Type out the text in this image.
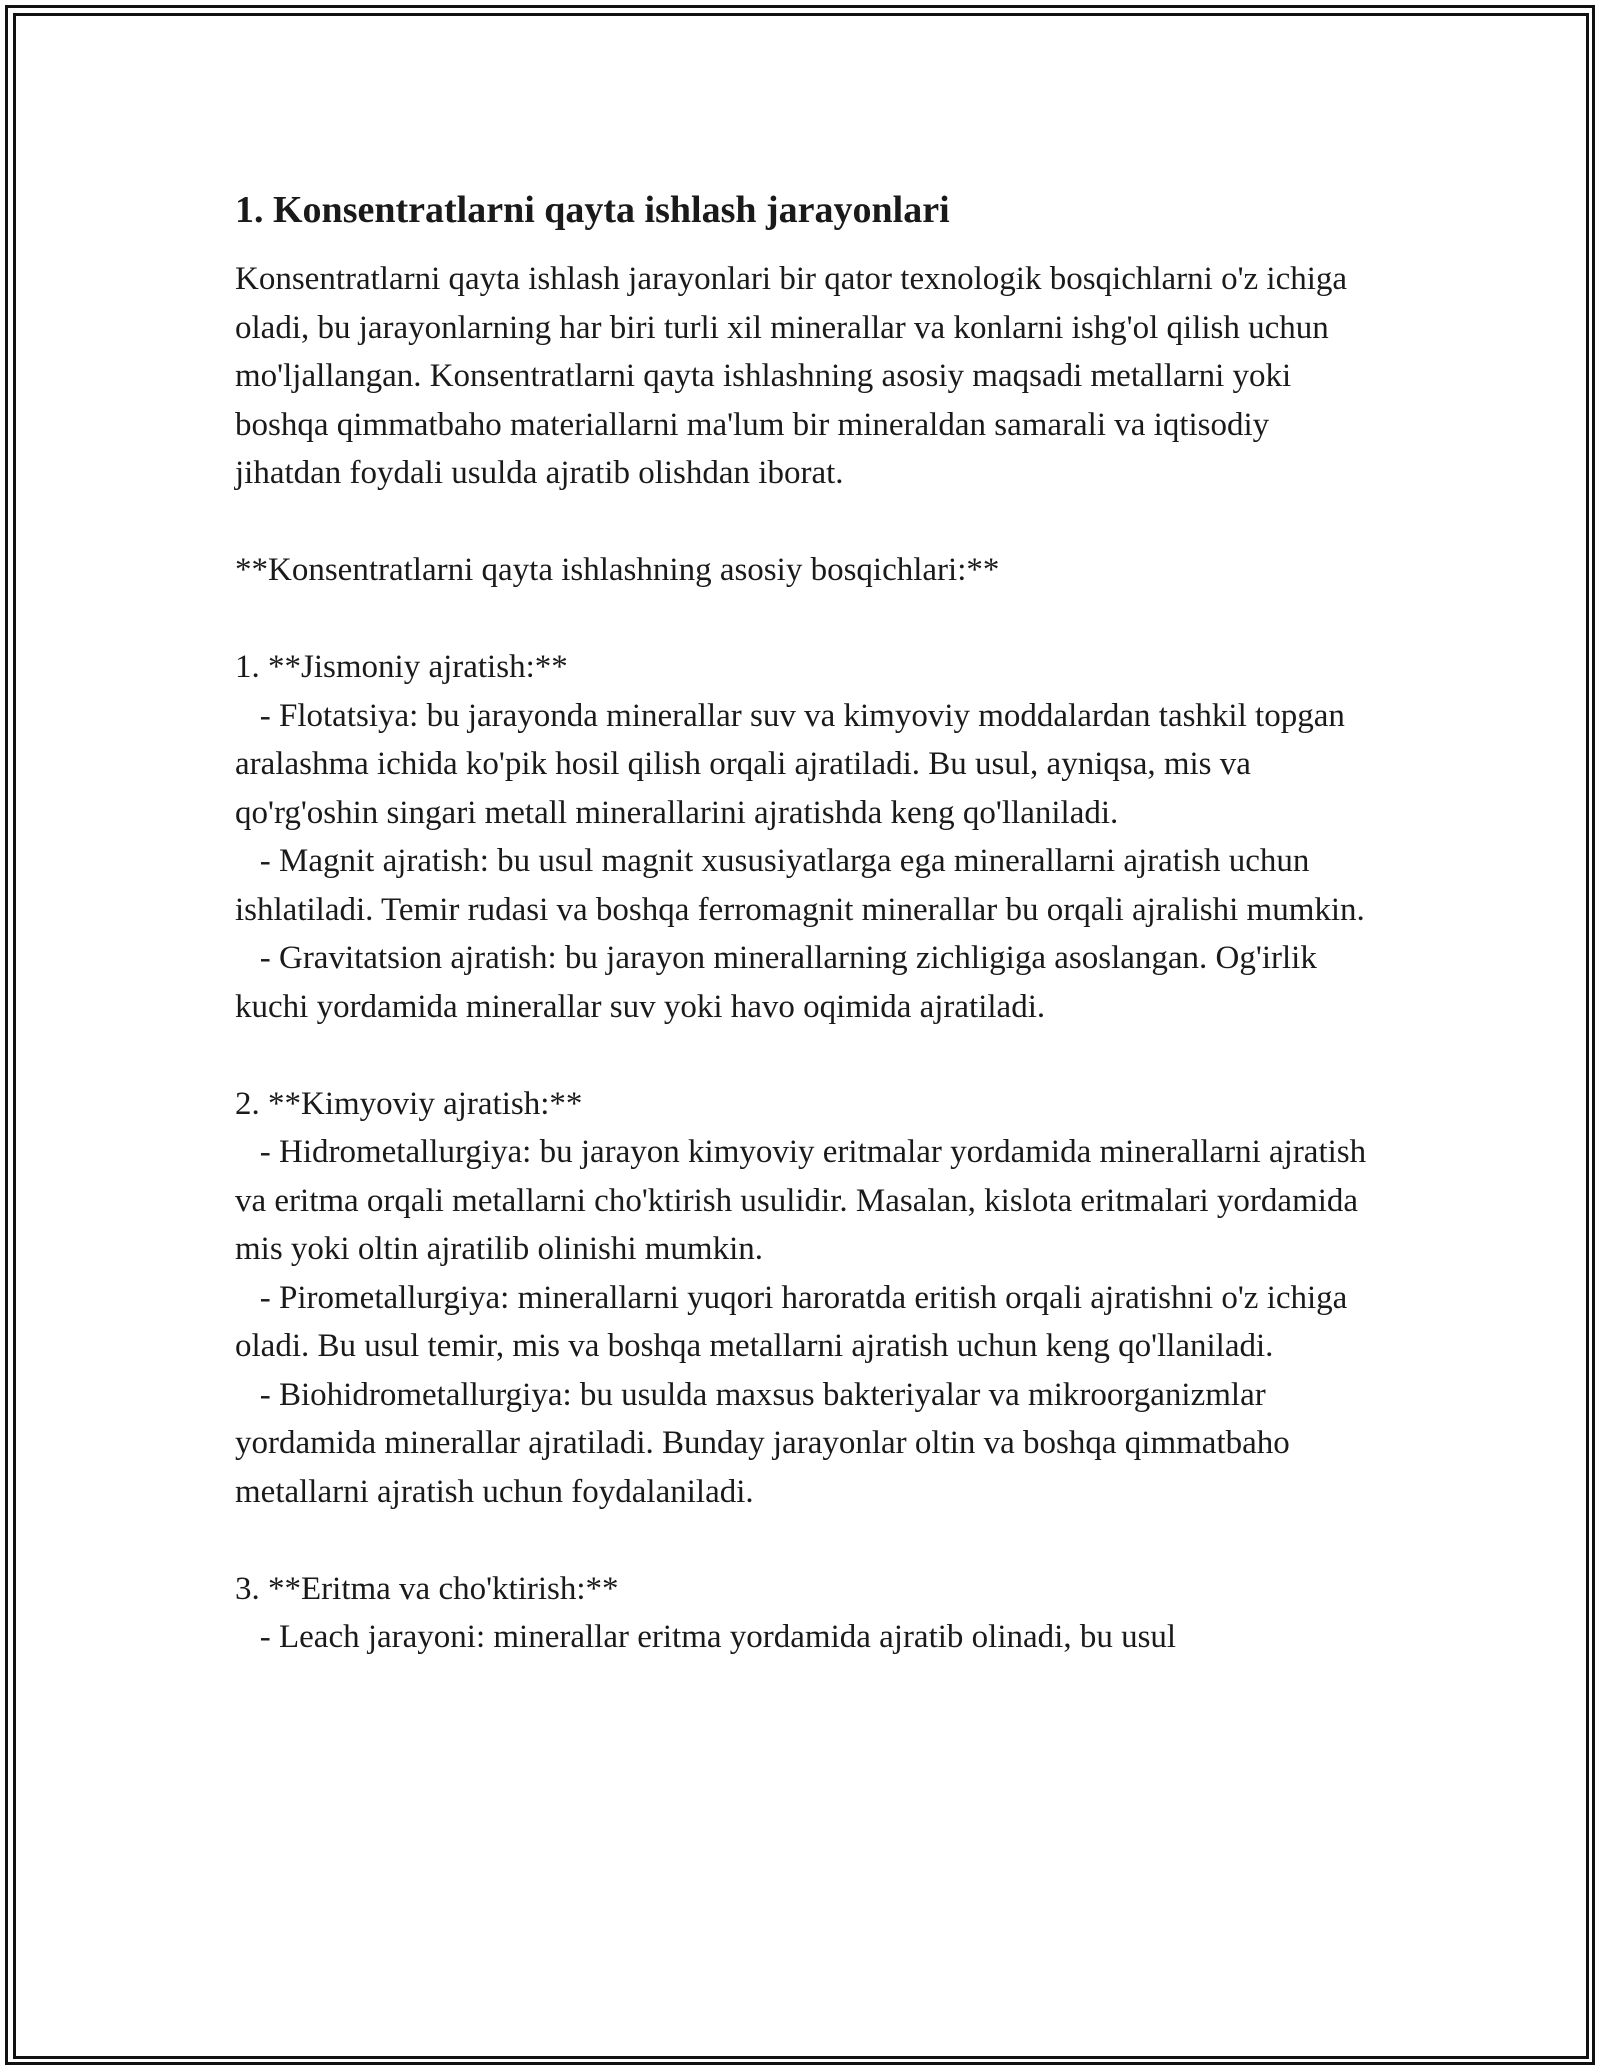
1. Konsentratlarni qayta ishlash jarayonlari

Konsentratlarni qayta ishlash jarayonlari bir qator texnologik bosqichlarni o'z ichiga oladi, bu jarayonlarning har biri turli xil minerallar va konlarni ishg'ol qilish uchun mo'ljallangan. Konsentratlarni qayta ishlashning asosiy maqsadi metallarni yoki boshqa qimmatbaho materiallarni ma'lum bir mineraldan samarali va iqtisodiy jihatdan foydali usulda ajratib olishdan iborat.

**Konsentratlarni qayta ishlashning asosiy bosqichlari:**

1. **Jismoniy ajratish:**

- Flotatsiya: bu jarayonda minerallar suv va kimyoviy moddalardan tashkil topgan aralashma ichida ko'pik hosil qilish orqali ajratiladi. Bu usul, ayniqsa, mis va qo'rg'oshin singari metall minerallarini ajratishda keng qo'llaniladi.

- Magnit ajratish: bu usul magnit xususiyatlarga ega minerallarni ajratish uchun ishlatiladi. Temir rudasi va boshqa ferromagnit minerallar bu orqali ajralishi mumkin.

- Gravitatsion ajratish: bu jarayon minerallarning zichligiga asoslangan. Og'irlik kuchi yordamida minerallar suv yoki havo oqimida ajratiladi.

2. **Kimyoviy ajratish:**

- Hidrometallurgiya: bu jarayon kimyoviy eritmalar yordamida minerallarni ajratish va eritma orqali metallarni cho'ktirish usulidir. Masalan, kislota eritmalari yordamida mis yoki oltin ajratilib olinishi mumkin.

- Pirometallurgiya: minerallarni yuqori haroratda eritish orqali ajratishni o'z ichiga oladi. Bu usul temir, mis va boshqa metallarni ajratish uchun keng qo'llaniladi.

- Biohidrometallurgiya: bu usulda maxsus bakteriyalar va mikroorganizmlar yordamida minerallar ajratiladi. Bunday jarayonlar oltin va boshqa qimmatbaho metallarni ajratish uchun foydalaniladi.

3. **Eritma va cho'ktirish:**

- Leach jarayoni: minerallar eritma yordamida ajratib olinadi, bu usul
